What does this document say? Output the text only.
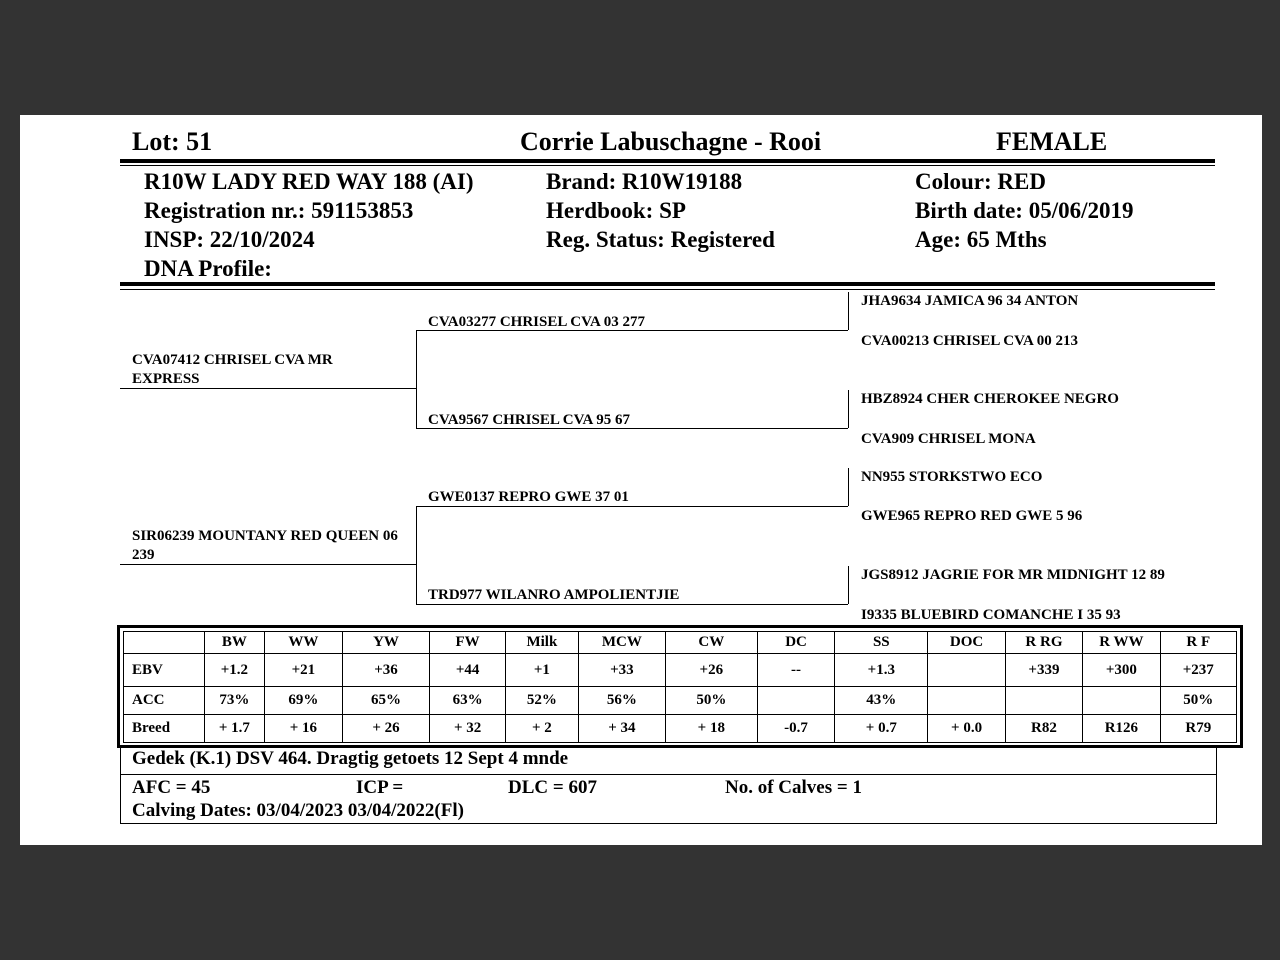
Lot: 51	Corrie Labuschagne - Rooi	FEMALE
R10W LADY RED WAY 188 (AI)
Registration nr.: 591153853
INSP: 22/10/2024
DNA Profile:
Brand: R10W19188
Herdbook: SP
Reg. Status: Registered
Colour: RED
Birth date: 05/06/2019
Age: 65 Mths
CVA07412 CHRISEL CVA MR EXPRESS
SIR06239 MOUNTANY RED QUEEN 06 239
CVA03277 CHRISEL CVA 03 277
CVA9567 CHRISEL CVA 95 67
GWE0137 REPRO GWE 37 01
TRD977 WILANRO AMPOLIENTJIE
JHA9634 JAMICA 96 34 ANTON
CVA00213 CHRISEL CVA 00 213
HBZ8924 CHER CHEROKEE NEGRO
CVA909 CHRISEL MONA
NN955 STORKSTWO ECO
GWE965 REPRO RED GWE 5 96
JGS8912 JAGRIE FOR MR MIDNIGHT 12 89
I9335 BLUEBIRD COMANCHE I 35 93
	BW	WW	YW	FW	Milk	MCW	CW	DC	SS	DOC	R RG	R WW	R F
EBV	+1.2	+21	+36	+44	+1	+33	+26	--	+1.3		+339	+300	+237
ACC	73%	69%	65%	63%	52%	56%	50%		43%				50%
Breed	+ 1.7	+ 16	+ 26	+ 32	+ 2	+ 34	+ 18	-0.7	+ 0.7	+ 0.0	R82	R126	R79
Gedek (K.1) DSV 464. Dragtig getoets 12 Sept 4 mnde
AFC = 45	ICP =	DLC = 607	No. of Calves = 1
Calving Dates: 03/04/2023 03/04/2022(Fl)
